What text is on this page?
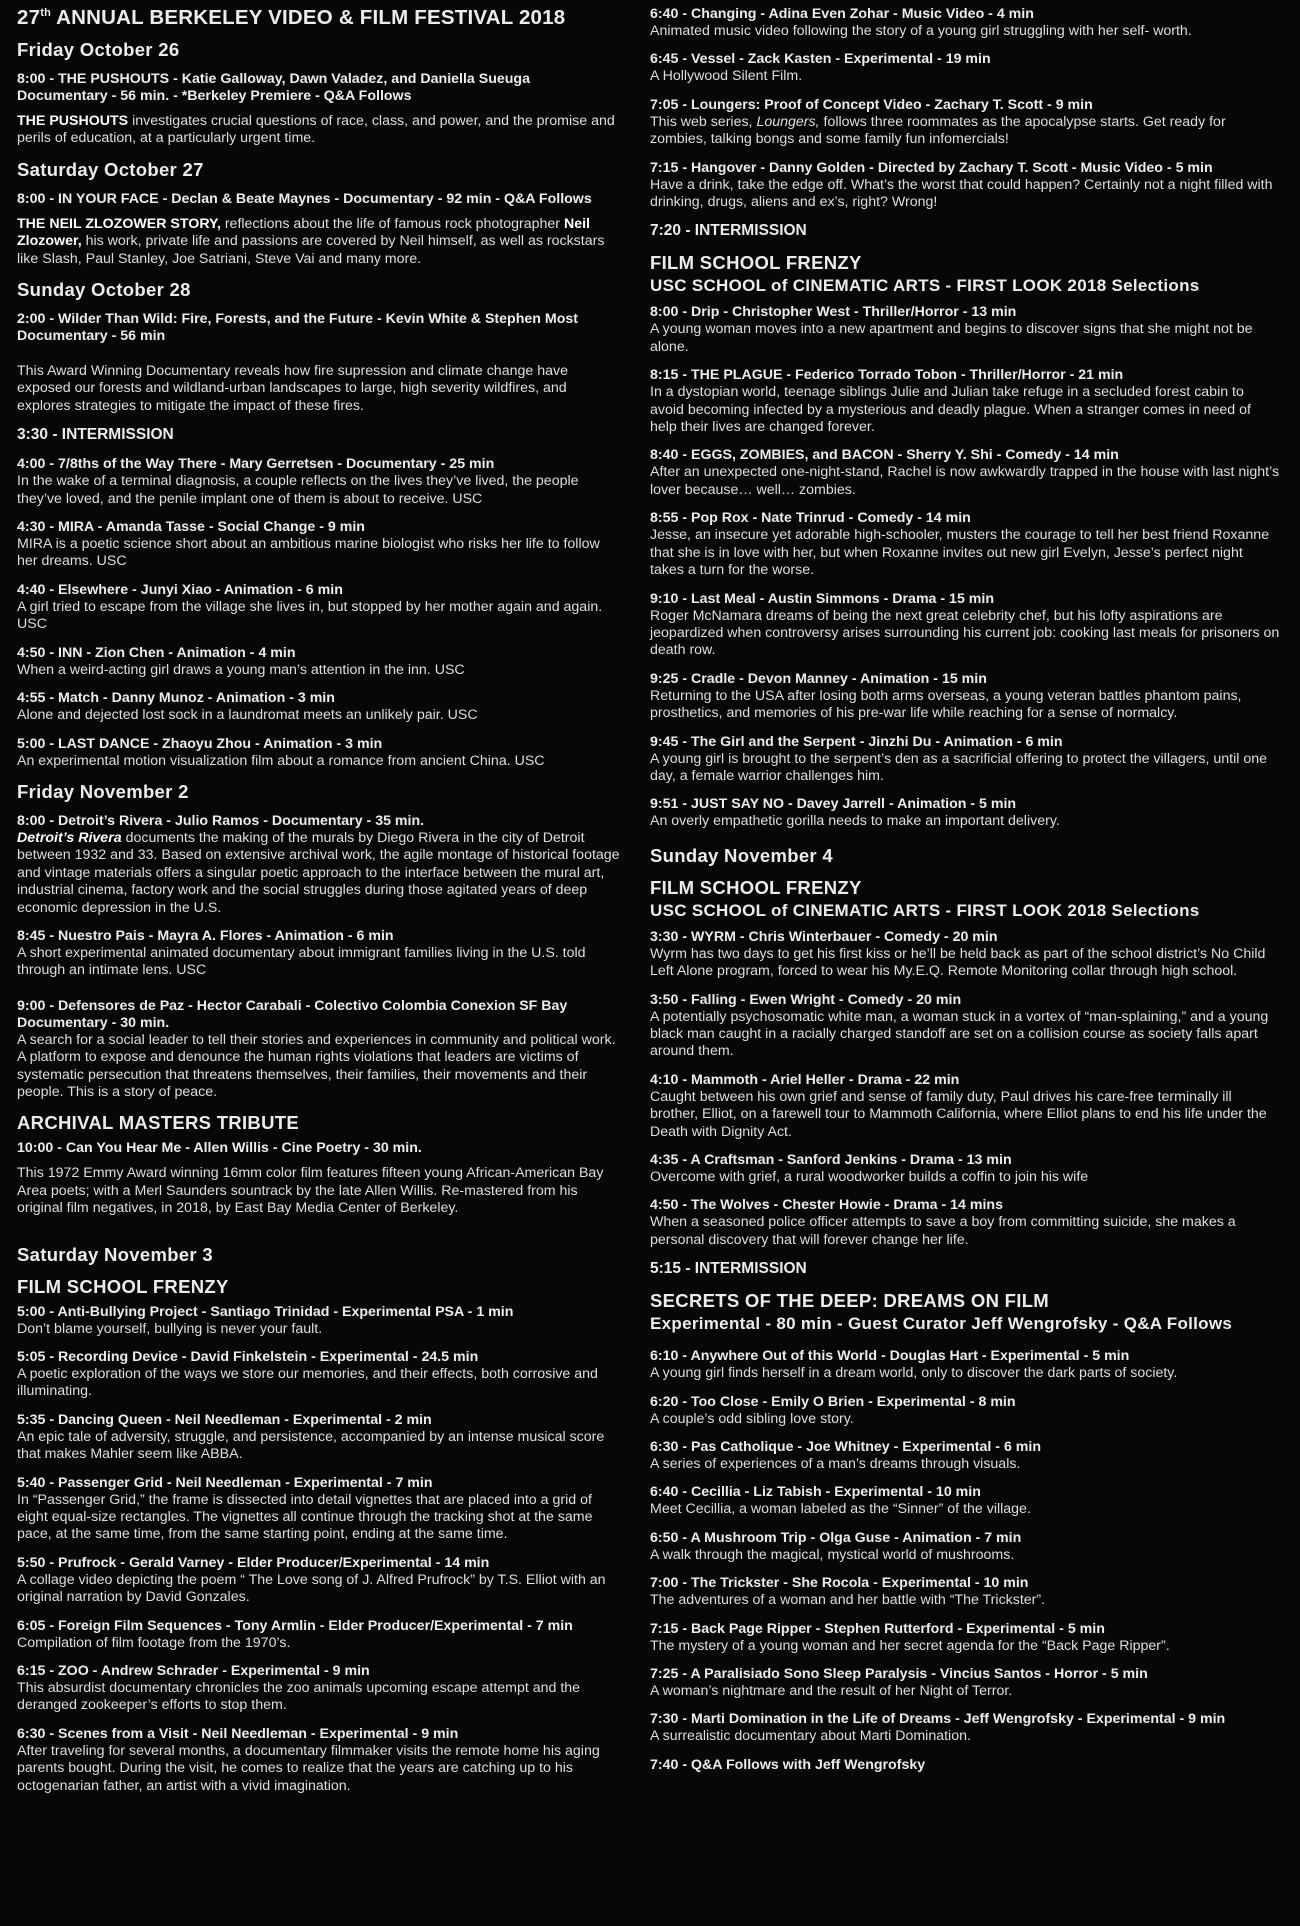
27th ANNUAL BERKELEY VIDEO & FILM FESTIVAL 2018
Friday October 26
8:00 - THE PUSHOUTS - Katie Galloway, Dawn Valadez, and Daniella Sueuga Documentary - 56 min. - *Berkeley Premiere - Q&A Follows
THE PUSHOUTS investigates crucial questions of race, class, and power, and the promise and perils of education, at a particularly urgent time.
Saturday October 27
8:00 - IN YOUR FACE - Declan & Beate Maynes - Documentary - 92 min - Q&A Follows
THE NEIL ZLOZOWER STORY, reflections about the life of famous rock photographer Neil Zlozower, his work, private life and passions are covered by Neil himself, as well as rockstars like Slash, Paul Stanley, Joe Satriani, Steve Vai and many more.
Sunday October 28
2:00 - Wilder Than Wild: Fire, Forests, and the Future - Kevin White & Stephen Most Documentary - 56 min
This Award Winning Documentary reveals how fire supression and climate change have exposed our forests and wildland-urban landscapes to large, high severity wildfires, and explores strategies to mitigate the impact of these fires.
3:30 - INTERMISSION
4:00 - 7/8ths of the Way There - Mary Gerretsen - Documentary - 25 min
In the wake of a terminal diagnosis, a couple reflects on the lives they’ve lived, the people they’ve loved, and the penile implant one of them is about to receive. USC
4:30 - MIRA - Amanda Tasse - Social Change - 9 min
MIRA is a poetic science short about an ambitious marine biologist who risks her life to follow her dreams. USC
4:40 - Elsewhere - Junyi Xiao - Animation - 6 min
A girl tried to escape from the village she lives in, but stopped by her mother again and again. USC
4:50 - INN - Zion Chen - Animation - 4 min
When a weird-acting girl draws a young man’s attention in the inn. USC
4:55 - Match - Danny Munoz - Animation - 3 min
Alone and dejected lost sock in a laundromat meets an unlikely pair. USC
5:00 - LAST DANCE - Zhaoyu Zhou - Animation - 3 min
An experimental motion visualization film about a romance from ancient China. USC
Friday November 2
8:00 - Detroit’s Rivera - Julio Ramos - Documentary - 35 min.
Detroit’s Rivera documents the making of the murals by Diego Rivera in the city of Detroit between 1932 and 33. Based on extensive archival work, the agile montage of historical footage and vintage materials offers a singular poetic approach to the interface between the mural art, industrial cinema, factory work and the social struggles during those agitated years of deep economic depression in the U.S.
8:45 - Nuestro Pais - Mayra A. Flores - Animation - 6 min
A short experimental animated documentary about immigrant families living in the U.S. told through an intimate lens. USC
9:00 - Defensores de Paz - Hector Carabali - Colectivo Colombia Conexion SF Bay Documentary - 30 min.
A search for a social leader to tell their stories and experiences in community and political work. A platform to expose and denounce the human rights violations that leaders are victims of systematic persecution that threatens themselves, their families, their movements and their people. This is a story of peace.
ARCHIVAL MASTERS TRIBUTE
10:00 - Can You Hear Me - Allen Willis - Cine Poetry - 30 min.
This 1972 Emmy Award winning 16mm color film features fifteen young African-American Bay Area poets; with a Merl Saunders sountrack by the late Allen Willis. Re-mastered from his original film negatives, in 2018, by East Bay Media Center of Berkeley.
Saturday November 3
FILM SCHOOL FRENZY
5:00 - Anti-Bullying Project - Santiago Trinidad - Experimental PSA - 1 min
Don’t blame yourself, bullying is never your fault.
5:05 - Recording Device - David Finkelstein - Experimental - 24.5 min
A poetic exploration of the ways we store our memories, and their effects, both corrosive and illuminating.
5:35 - Dancing Queen - Neil Needleman - Experimental - 2 min
An epic tale of adversity, struggle, and persistence, accompanied by an intense musical score that makes Mahler seem like ABBA.
5:40 - Passenger Grid - Neil Needleman - Experimental - 7 min
In “Passenger Grid,” the frame is dissected into detail vignettes that are placed into a grid of eight equal-size rectangles. The vignettes all continue through the tracking shot at the same pace, at the same time, from the same starting point, ending at the same time.
5:50 - Prufrock - Gerald Varney - Elder Producer/Experimental - 14 min
A collage video depicting the poem “ The Love song of J. Alfred Prufrock” by T.S. Elliot with an original narration by David Gonzales.
6:05 - Foreign Film Sequences - Tony Armlin - Elder Producer/Experimental - 7 min
Compilation of film footage from the 1970’s.
6:15 - ZOO - Andrew Schrader - Experimental - 9 min
This absurdist documentary chronicles the zoo animals upcoming escape attempt and the deranged zookeeper’s efforts to stop them.
6:30 - Scenes from a Visit - Neil Needleman - Experimental - 9 min
After traveling for several months, a documentary filmmaker visits the remote home his aging parents bought. During the visit, he comes to realize that the years are catching up to his octogenarian father, an artist with a vivid imagination.
6:40 - Changing - Adina Even Zohar - Music Video - 4 min
Animated music video following the story of a young girl struggling with her self- worth.
6:45 - Vessel - Zack Kasten - Experimental - 19 min
A Hollywood Silent Film.
7:05 - Loungers: Proof of Concept Video - Zachary T. Scott - 9 min
This web series, Loungers, follows three roommates as the apocalypse starts. Get ready for zombies, talking bongs and some family fun infomercials!
7:15 - Hangover - Danny Golden - Directed by Zachary T. Scott - Music Video - 5 min
Have a drink, take the edge off. What’s the worst that could happen? Certainly not a night filled with drinking, drugs, aliens and ex’s, right? Wrong!
7:20 - INTERMISSION
FILM SCHOOL FRENZY
USC SCHOOL of CINEMATIC ARTS - FIRST LOOK 2018 Selections
8:00 - Drip - Christopher West - Thriller/Horror - 13 min
A young woman moves into a new apartment and begins to discover signs that she might not be alone.
8:15 - THE PLAGUE - Federico Torrado Tobon - Thriller/Horror - 21 min
In a dystopian world, teenage siblings Julie and Julian take refuge in a secluded forest cabin to avoid becoming infected by a mysterious and deadly plague. When a stranger comes in need of help their lives are changed forever.
8:40 - EGGS, ZOMBIES, and BACON - Sherry Y. Shi - Comedy - 14 min
After an unexpected one-night-stand, Rachel is now awkwardly trapped in the house with last night’s lover because… well… zombies.
8:55 - Pop Rox - Nate Trinrud - Comedy - 14 min
Jesse, an insecure yet adorable high-schooler, musters the courage to tell her best friend Roxanne that she is in love with her, but when Roxanne invites out new girl Evelyn, Jesse’s perfect night takes a turn for the worse.
9:10 - Last Meal - Austin Simmons - Drama - 15 min
Roger McNamara dreams of being the next great celebrity chef, but his lofty aspirations are jeopardized when controversy arises surrounding his current job: cooking last meals for prisoners on death row.
9:25 - Cradle - Devon Manney - Animation - 15 min
Returning to the USA after losing both arms overseas, a young veteran battles phantom pains, prosthetics, and memories of his pre-war life while reaching for a sense of normalcy.
9:45 - The Girl and the Serpent - Jinzhi Du - Animation - 6 min
A young girl is brought to the serpent’s den as a sacrificial offering to protect the villagers, until one day, a female warrior challenges him.
9:51 - JUST SAY NO - Davey Jarrell - Animation - 5 min
An overly empathetic gorilla needs to make an important delivery.
Sunday November 4
FILM SCHOOL FRENZY
USC SCHOOL of CINEMATIC ARTS - FIRST LOOK 2018 Selections
3:30 - WYRM - Chris Winterbauer - Comedy - 20 min
Wyrm has two days to get his first kiss or he’ll be held back as part of the school district’s No Child Left Alone program, forced to wear his My.E.Q. Remote Monitoring collar through high school.
3:50 - Falling - Ewen Wright - Comedy - 20 min
A potentially psychosomatic white man, a woman stuck in a vortex of “man-splaining,” and a young black man caught in a racially charged standoff are set on a collision course as society falls apart around them.
4:10 - Mammoth - Ariel Heller - Drama - 22 min
Caught between his own grief and sense of family duty, Paul drives his care-free terminally ill brother, Elliot, on a farewell tour to Mammoth California, where Elliot plans to end his life under the Death with Dignity Act.
4:35 - A Craftsman - Sanford Jenkins - Drama - 13 min
Overcome with grief, a rural woodworker builds a coffin to join his wife
4:50 - The Wolves - Chester Howie - Drama - 14 mins
When a seasoned police officer attempts to save a boy from committing suicide, she makes a personal discovery that will forever change her life.
5:15 - INTERMISSION
SECRETS OF THE DEEP: DREAMS ON FILM
Experimental - 80 min - Guest Curator Jeff Wengrofsky - Q&A Follows
6:10 - Anywhere Out of this World - Douglas Hart - Experimental - 5 min
A young girl finds herself in a dream world, only to discover the dark parts of society.
6:20 - Too Close - Emily O Brien - Experimental - 8 min
A couple’s odd sibling love story.
6:30 - Pas Catholique - Joe Whitney - Experimental - 6 min
A series of experiences of a man’s dreams through visuals.
6:40 - Cecillia - Liz Tabish - Experimental - 10 min
Meet Cecillia, a woman labeled as the “Sinner” of the village.
6:50 - A Mushroom Trip - Olga Guse - Animation - 7 min
A walk through the magical, mystical world of mushrooms.
7:00 - The Trickster - She Rocola - Experimental - 10 min
The adventures of a woman and her battle with “The Trickster”.
7:15 - Back Page Ripper - Stephen Rutterford - Experimental - 5 min
The mystery of a young woman and her secret agenda for the “Back Page Ripper”.
7:25 - A Paralisiado Sono Sleep Paralysis - Vincius Santos - Horror - 5 min
A woman’s nightmare and the result of her Night of Terror.
7:30 - Marti Domination in the Life of Dreams - Jeff Wengrofsky - Experimental - 9 min
A surrealistic documentary about Marti Domination.
7:40 - Q&A Follows with Jeff Wengrofsky
